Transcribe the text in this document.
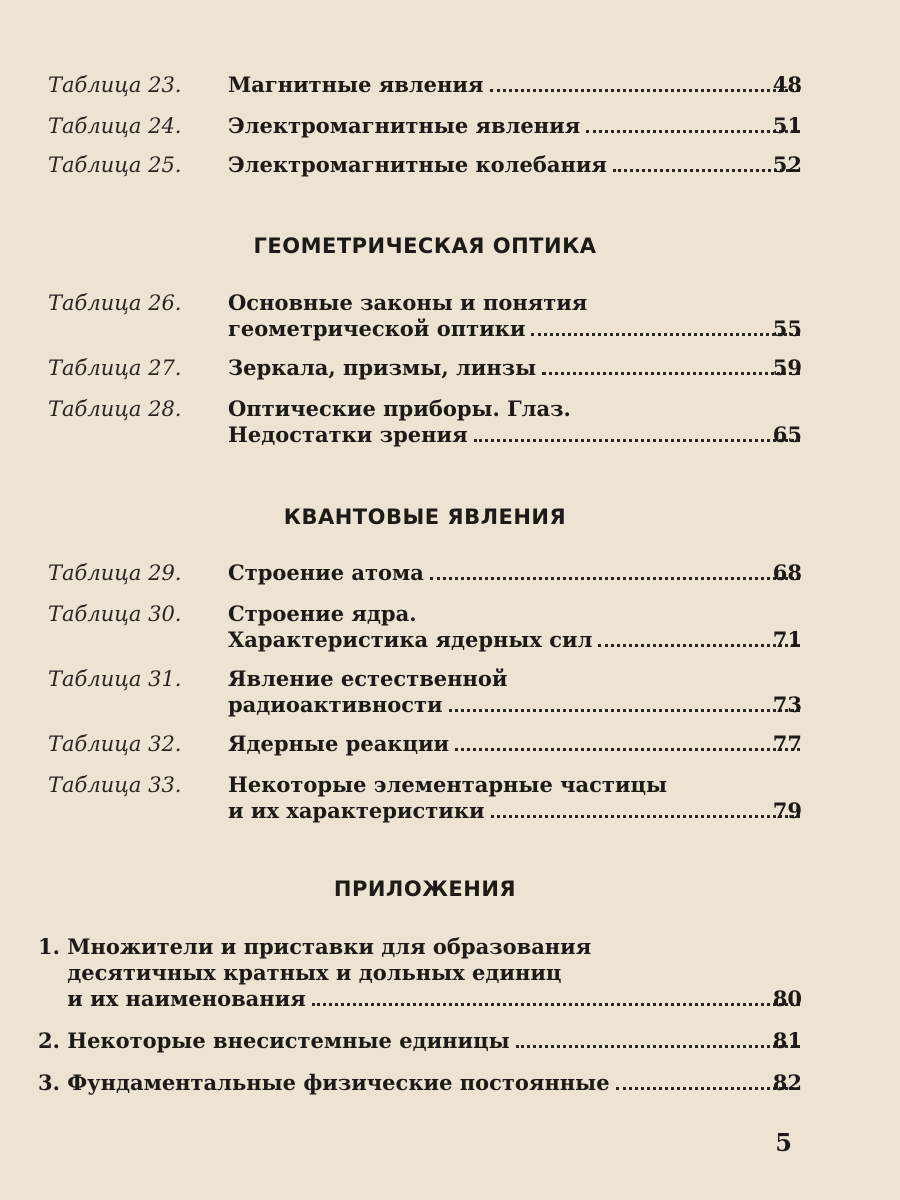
Таблица 23. Магнитные явления	48
Таблица 24. Электромагнитные явления	51
Таблица 25. Электромагнитные колебания	52
ГЕОМЕТРИЧЕСКАЯ ОПТИКА
Таблица 26. Основные законы и понятия
геометрической оптики	55
Таблица 27. Зеркала, призмы, линзы	59
Таблица 28. Оптические приборы. Глаз.
Недостатки зрения	65
КВАНТОВЫЕ ЯВЛЕНИЯ
Таблица 29. Строение атома	68
Таблица 30. Строение ядра.
Характеристика ядерных сил	71
Таблица 31. Явление естественной
радиоактивности	73
Таблица 32. Ядерные реакции	77
Таблица 33. Некоторые элементарные частицы
и их характеристики	79
ПРИЛОЖЕНИЯ
1. Множители и приставки для образования
десятичных кратных и дольных единиц
и их наименования	80
2. Некоторые внесистемные единицы	81
3. Фундаментальные физические постоянные	82
5
